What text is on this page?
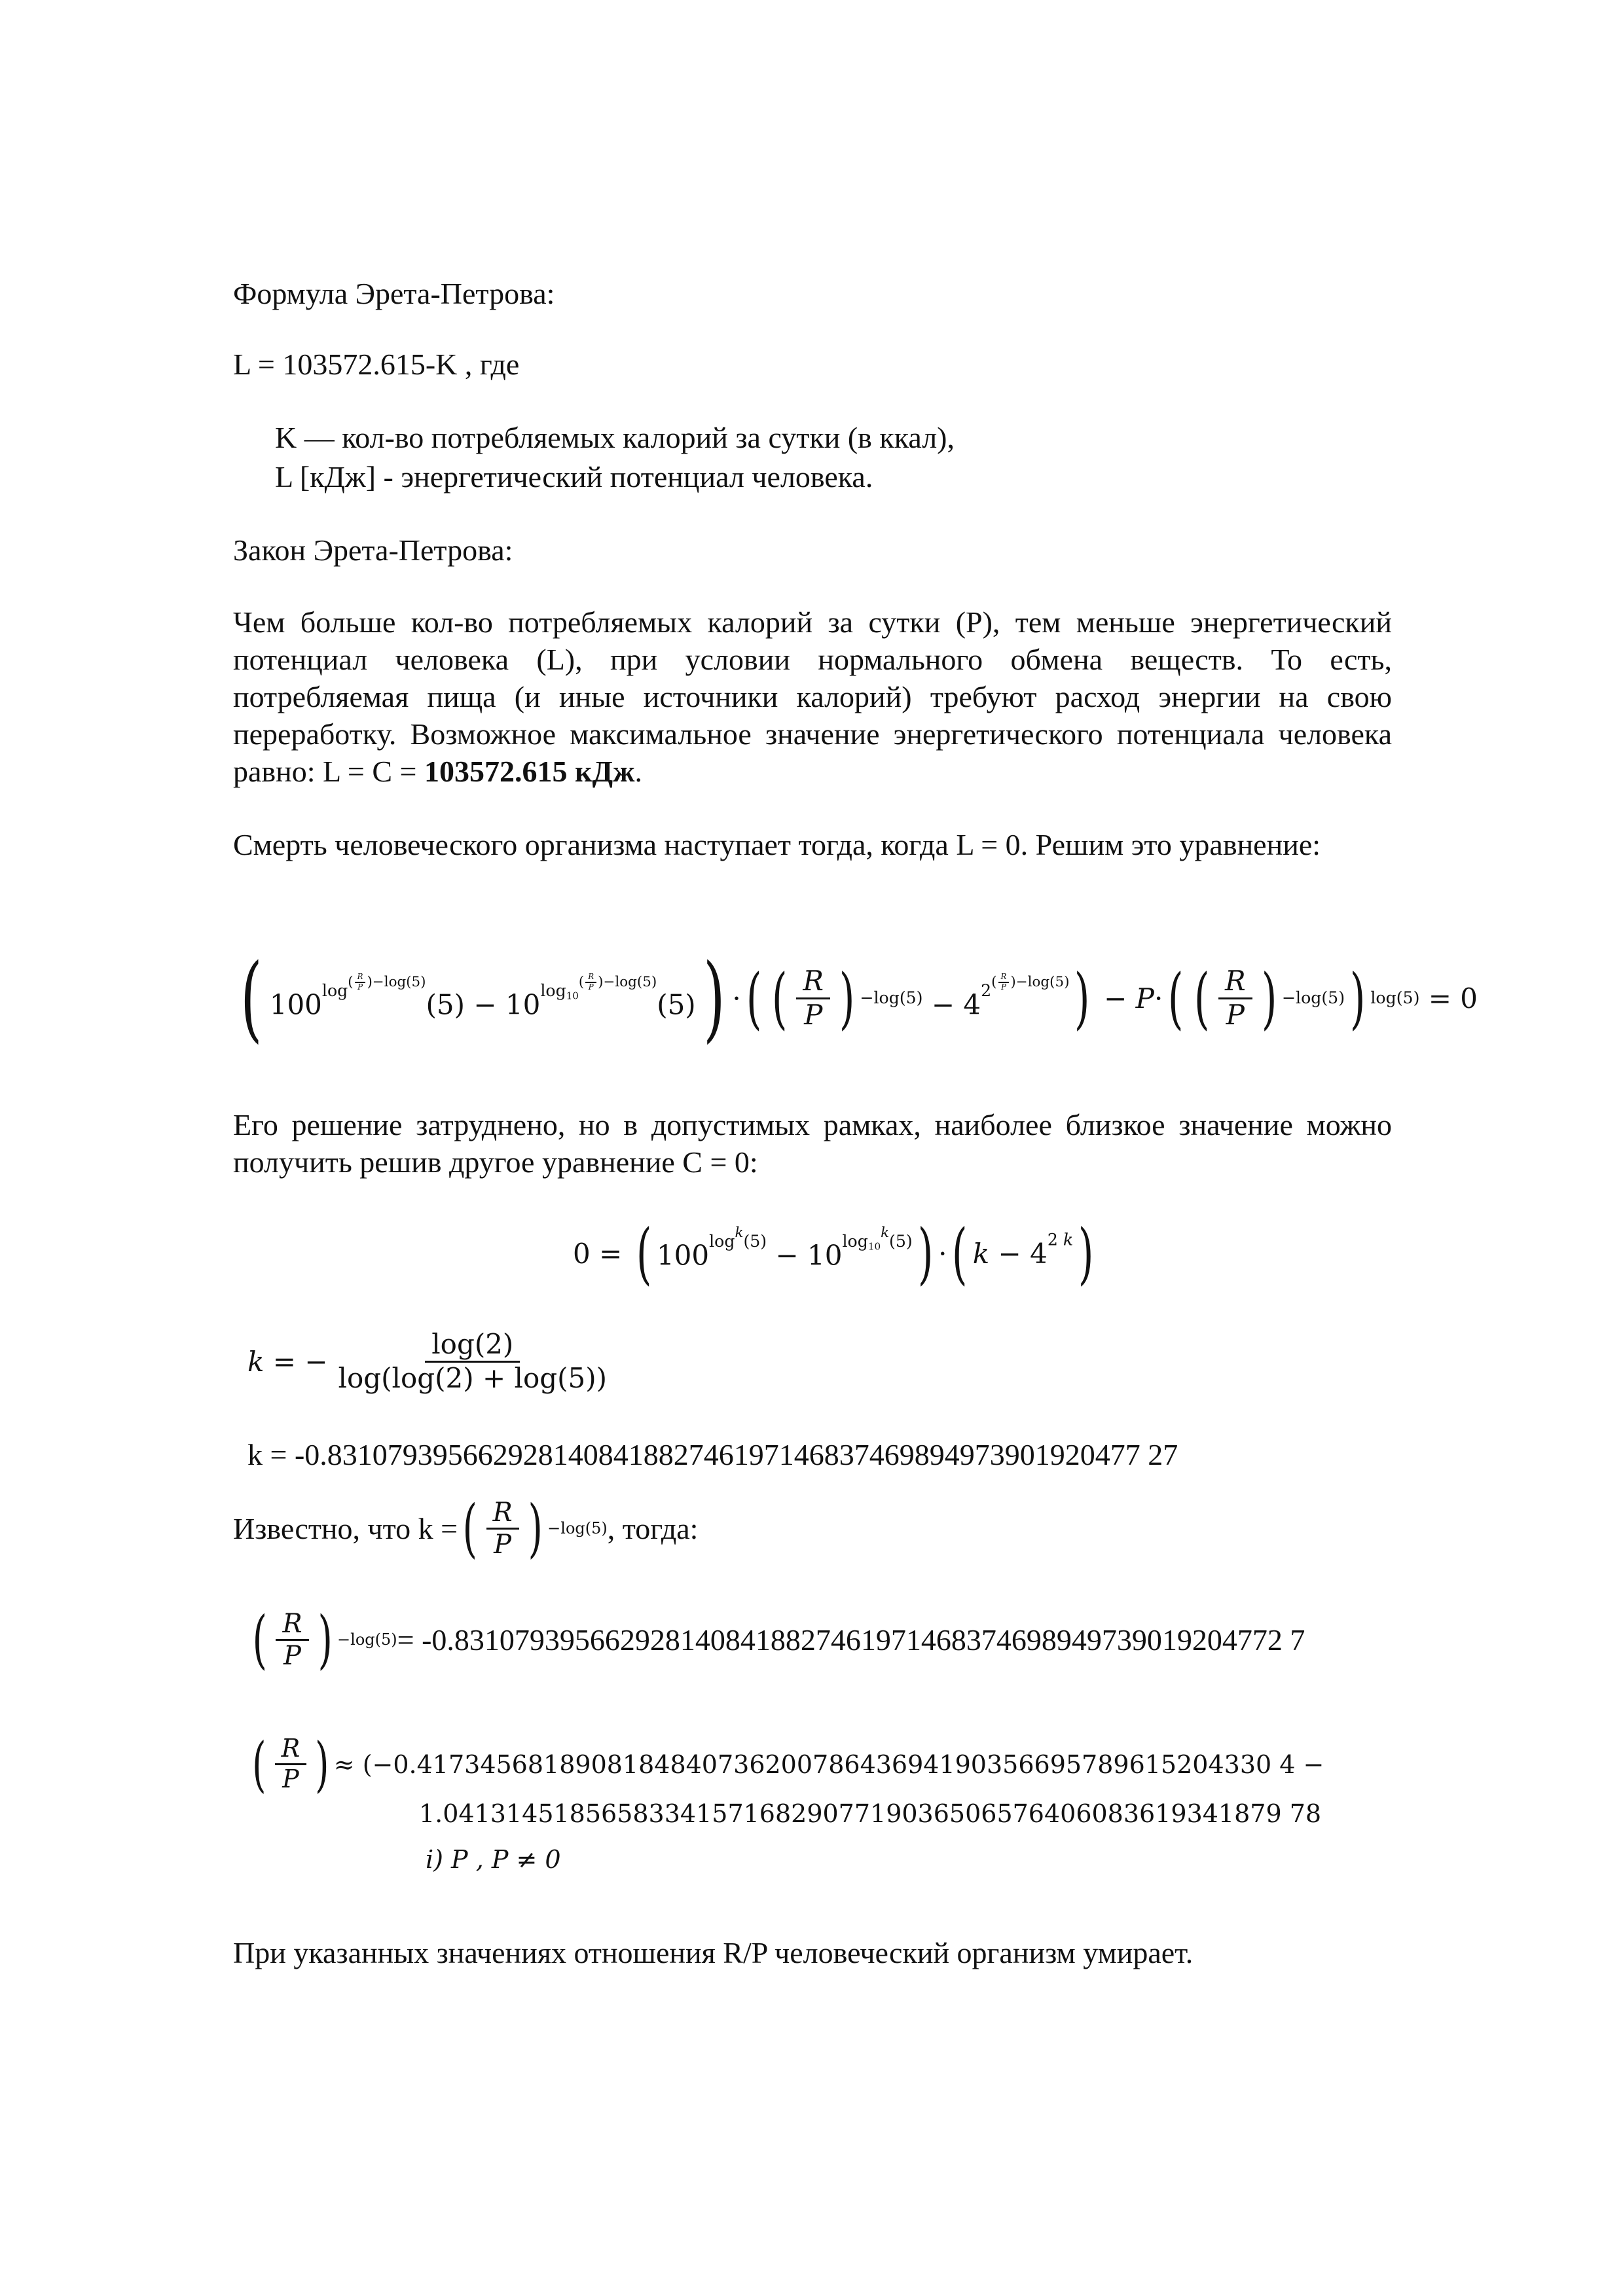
Формула Эрета-Петрова:

L = 103572.615-K , где

K — кол-во потребляемых калорий за сутки (в ккал),

L [кДж] - энергетический потенциал человека.

Закон Эрета-Петрова:

Чем больше кол-во потребляемых калорий за сутки (P), тем меньше энергетический потенциал человека (L), при условии нормального обмена веществ. То есть, потребляемая пища (и иные источники калорий) требуют расход энергии на свою переработку. Возможное максимальное значение энергетического потенциала человека равно: L = C = 103572.615 кДж.

Смерть человеческого организма наступает тогда, когда L = 0. Решим это уравнение:

( $100^{log^{( \frac{R}{P} )-log(5)}}(5) - 10^{log_{10}^{( \frac{R}{P} )-log(5)}}(5)$ ) · ( ( $\frac{R}{P}$ ) $-\log(5) - 4^{2^{( \frac{R}{P} )-log(5)}}$ ) − P· ( ( $\frac{R}{P}$ ) −log(5) ) log(5) = 0

Его решение затруднено, но в допустимых рамках, наиболее близкое значение можно получить решив другое уравнение С = 0:

0 = ( $100^{log^k(5)} - 10^{log_{10}^k(5)}$ ) · ( $k - 4^{2 k}$ )
k = − $\frac{\log(2)}{\log(\log(2) + \log(5))}$

k = -0.831079395662928140841882746197146837469894973901920477 27

Известно, что k = ( $\frac{R}{P}$ ) −log(5) , тогда:
( $\frac{R}{P}$ ) −log(5) = -0.8310793956629281408418827461971468374698949739019204772 7
( $\frac{R}{P}$ ) ≈ (−0.417345681890818484073620078643694190356695789615204330 4 −
1.04131451856583341571682907719036506576406083619341879 78
i) P , P ≠ 0

При указанных значениях отношения R/P человеческий организм умирает.
